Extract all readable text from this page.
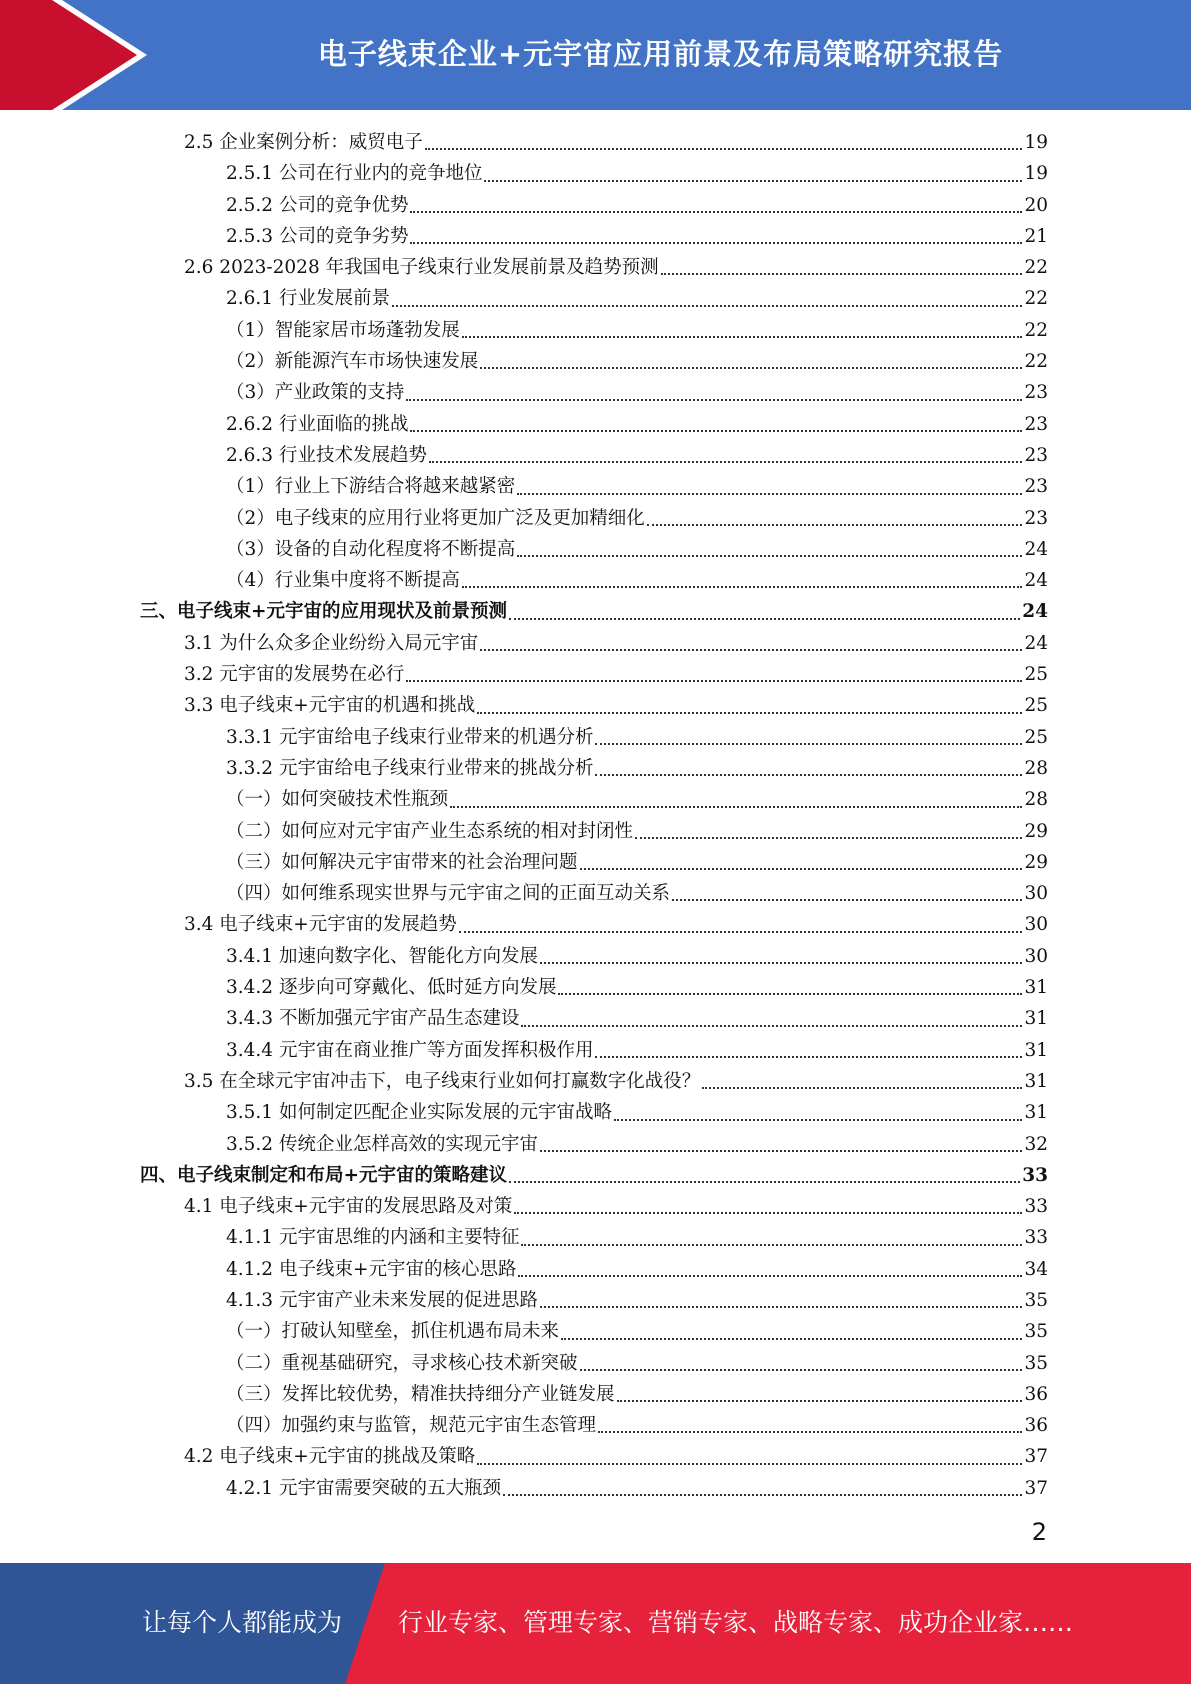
电子线束企业+元宇宙应用前景及布局策略研究报告
2.5 企业案例分析：威贸电子	19
2.5.1 公司在行业内的竞争地位	19
2.5.2 公司的竞争优势	20
2.5.3 公司的竞争劣势	21
2.6 2023-2028 年我国电子线束行业发展前景及趋势预测	22
2.6.1 行业发展前景	22
（1）智能家居市场蓬勃发展	22
（2）新能源汽车市场快速发展	22
（3）产业政策的支持	23
2.6.2 行业面临的挑战	23
2.6.3 行业技术发展趋势	23
（1）行业上下游结合将越来越紧密	23
（2）电子线束的应用行业将更加广泛及更加精细化	23
（3）设备的自动化程度将不断提高	24
（4）行业集中度将不断提高	24
三、电子线束+元宇宙的应用现状及前景预测	24
3.1 为什么众多企业纷纷入局元宇宙	24
3.2 元宇宙的发展势在必行	25
3.3 电子线束+元宇宙的机遇和挑战	25
3.3.1 元宇宙给电子线束行业带来的机遇分析	25
3.3.2 元宇宙给电子线束行业带来的挑战分析	28
（一）如何突破技术性瓶颈	28
（二）如何应对元宇宙产业生态系统的相对封闭性	29
（三）如何解决元宇宙带来的社会治理问题	29
（四）如何维系现实世界与元宇宙之间的正面互动关系	30
3.4 电子线束+元宇宙的发展趋势	30
3.4.1 加速向数字化、智能化方向发展	30
3.4.2 逐步向可穿戴化、低时延方向发展	31
3.4.3 不断加强元宇宙产品生态建设	31
3.4.4 元宇宙在商业推广等方面发挥积极作用	31
3.5 在全球元宇宙冲击下，电子线束行业如何打赢数字化战役？	31
3.5.1 如何制定匹配企业实际发展的元宇宙战略	31
3.5.2 传统企业怎样高效的实现元宇宙	32
四、电子线束制定和布局+元宇宙的策略建议	33
4.1 电子线束+元宇宙的发展思路及对策	33
4.1.1 元宇宙思维的内涵和主要特征	33
4.1.2 电子线束+元宇宙的核心思路	34
4.1.3 元宇宙产业未来发展的促进思路	35
（一）打破认知壁垒，抓住机遇布局未来	35
（二）重视基础研究，寻求核心技术新突破	35
（三）发挥比较优势，精准扶持细分产业链发展	36
（四）加强约束与监管，规范元宇宙生态管理	36
4.2 电子线束+元宇宙的挑战及策略	37
4.2.1 元宇宙需要突破的五大瓶颈	37
2
让每个人都能成为 行业专家、管理专家、营销专家、战略专家、成功企业家……
